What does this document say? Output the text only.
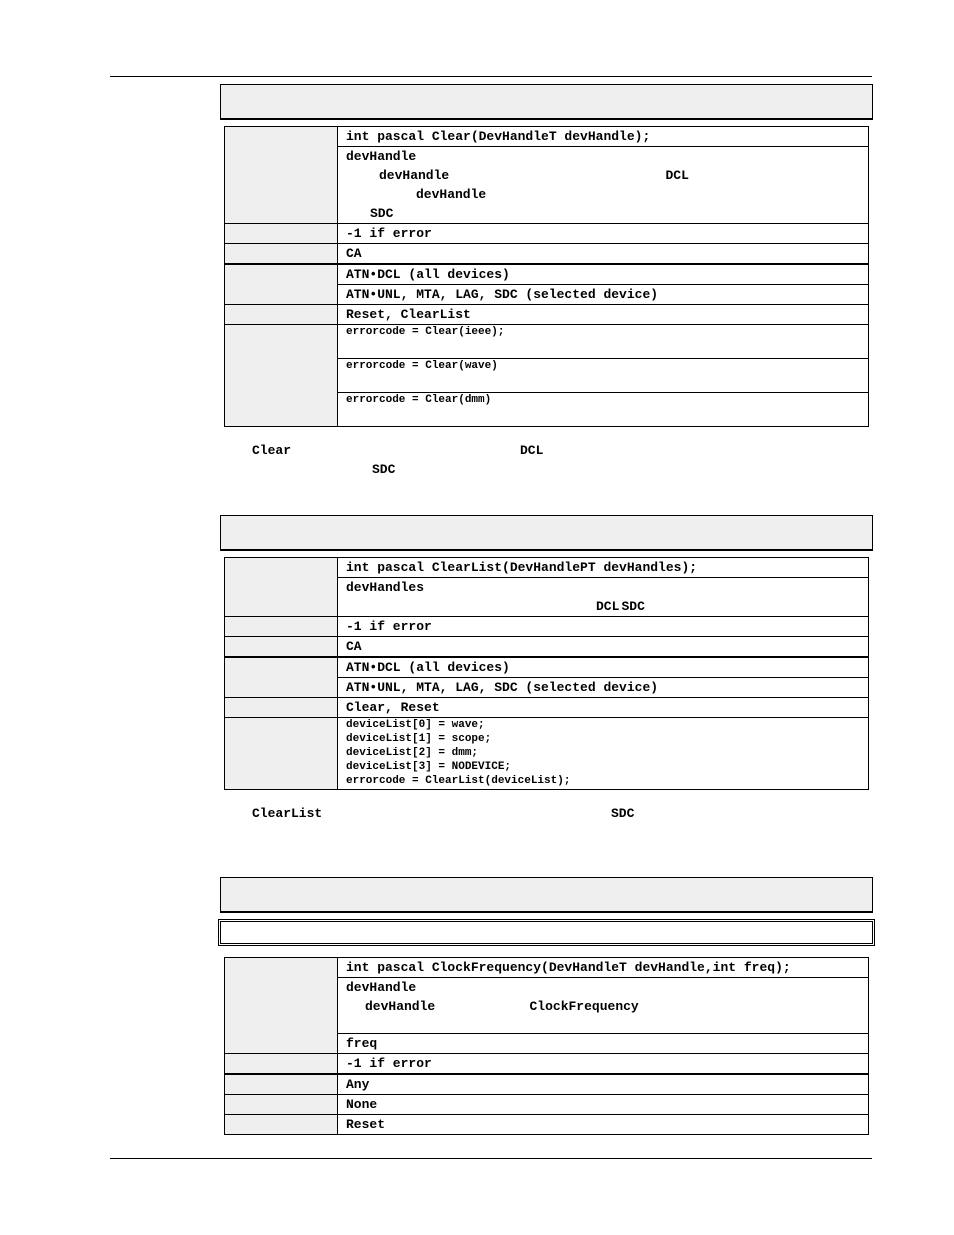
	int pascal Clear(DevHandleT devHandle);
	devHandle
devHandle DCL

devHandle
SDC
	-1 if error
	CA
	ATN•DCL (all devices)
	ATN•UNL, MTA, LAG, SDC (selected device)
	Reset, ClearList
	errorcode = Clear(ieee);
	errorcode = Clear(wave)
	errorcode = Clear(dmm)
Clear	DCL
SDC
	int pascal ClearList(DevHandlePT devHandles);
	devHandles
DCL SDC

	-1 if error
	CA
	ATN•DCL (all devices)
	ATN•UNL, MTA, LAG, SDC (selected device)
	Clear, Reset
	deviceList[0] = wave;
deviceList[1] = scope;
deviceList[2] = dmm;
deviceList[3] = NODEVICE;
errorcode = ClearList(deviceList);
ClearList	SDC
	int pascal ClockFrequency(DevHandleT devHandle,int freq);
	devHandle
devHandle ClockFrequency

	freq
	-1 if error
	Any
	None
	Reset
